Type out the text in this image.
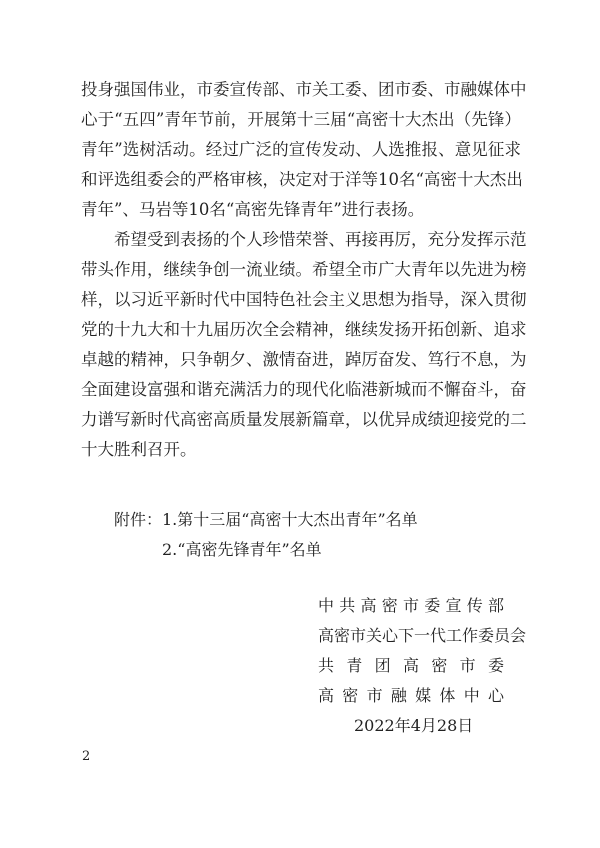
投身强国伟业，市委宣传部、市关工委、团市委、市融媒体中
心于“五四”青年节前，开展第十三届“高密十大杰出（先锋）
青年”选树活动。经过广泛的宣传发动、人选推报、意见征求
和评选组委会的严格审核，决定对于洋等10名“高密十大杰出
青年”、马岩等10名“高密先锋青年”进行表扬。
希望受到表扬的个人珍惜荣誉、再接再厉，充分发挥示范
带头作用，继续争创一流业绩。希望全市广大青年以先进为榜
样，以习近平新时代中国特色社会主义思想为指导，深入贯彻
党的十九大和十九届历次全会精神，继续发扬开拓创新、追求
卓越的精神，只争朝夕、激情奋进，踔厉奋发、笃行不息，为
全面建设富强和谐充满活力的现代化临港新城而不懈奋斗，奋
力谱写新时代高密高质量发展新篇章，以优异成绩迎接党的二
十大胜利召开。
附件： 1.第十三届“高密十大杰出青年”名单
2.“高密先锋青年”名单
中共高密市委宣传部
高密市关心下一代工作委员会
共青团高密市委
高密市融媒体中心
2022年4月28日
2
